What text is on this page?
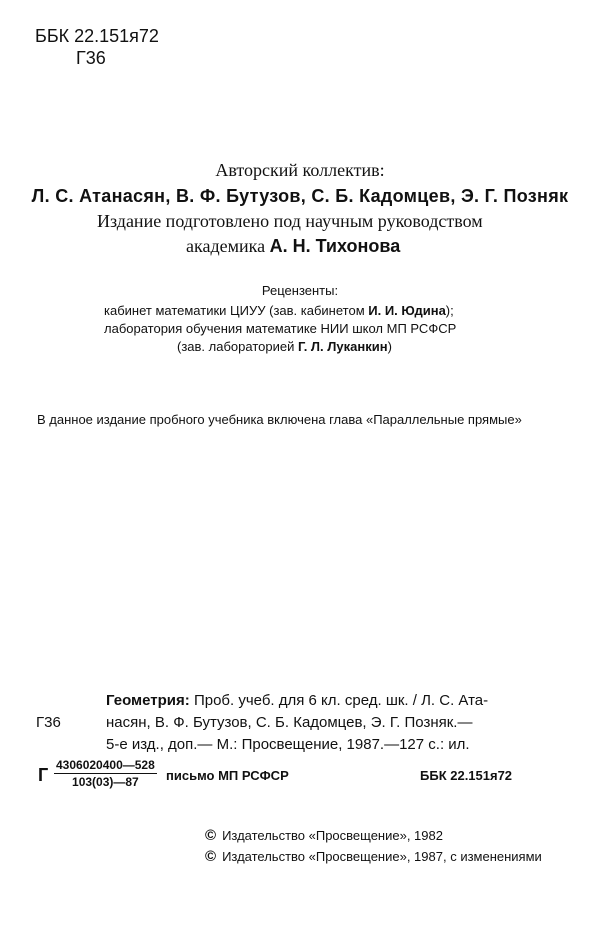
ББК 22.151я72
Г36
Авторский коллектив:
Л. С. Атанасян, В. Ф. Бутузов, С. Б. Кадомцев, Э. Г. Позняк
Издание подготовлено под научным руководством
академика А. Н. Тихонова
Рецензенты:
кабинет математики ЦИУУ (зав. кабинетом И. И. Юдина);
лаборатория обучения математике НИИ школ МП РСФСР
(зав. лабораторией Г. Л. Луканкин)
В данное издание пробного учебника включена глава «Параллельные прямые»
Геометрия: Проб. учеб. для 6 кл. сред. шк. / Л. С. Ата-
Г36	насян, В. Ф. Бутузов, С. Б. Кадомцев, Э. Г. Позняк.—
5-е изд., доп.— М.: Просвещение, 1987.—127 с.: ил.
Г $\frac{4306020400—528}{103(03)—87}$ письмо МП РСФСР	ББК 22.151я72
© Издательство «Просвещение», 1982
© Издательство «Просвещение», 1987, с изменениями
